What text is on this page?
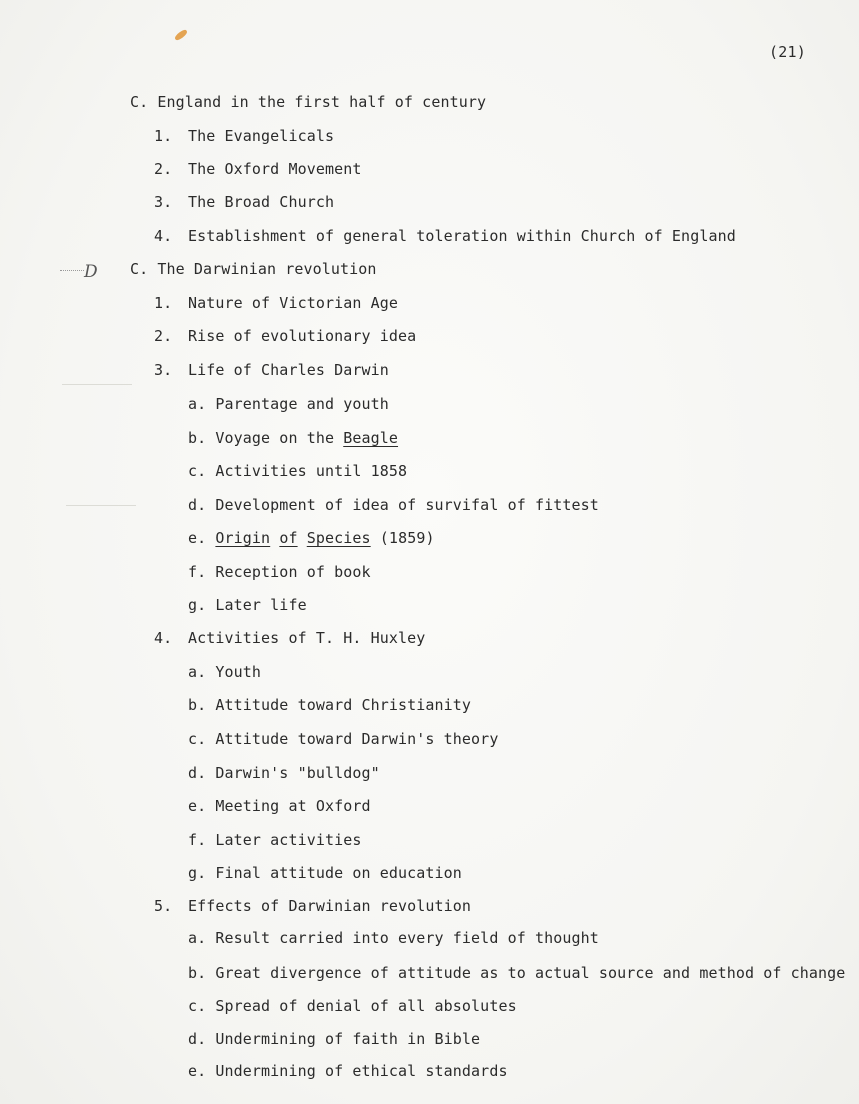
(21)
C. England in the first half of century
1. The Evangelicals
2. The Oxford Movement
3. The Broad Church
4. Establishment of general toleration within Church of England
D C. The Darwinian revolution
1. Nature of Victorian Age
2. Rise of evolutionary idea
3. Life of Charles Darwin
a. Parentage and youth
b. Voyage on the Beagle
c. Activities until 1858
d. Development of idea of survifal of fittest
e. Origin of Species (1859)
f. Reception of book
g. Later life
4. Activities of T. H. Huxley
a. Youth
b. Attitude toward Christianity
c. Attitude toward Darwin's theory
d. Darwin's "bulldog"
e. Meeting at Oxford
f. Later activities
g. Final attitude on education
5. Effects of Darwinian revolution
a. Result carried into every field of thought
b. Great divergence of attitude as to actual source and method of change
c. Spread of denial of all absolutes
d. Undermining of faith in Bible
e. Undermining of ethical standards
